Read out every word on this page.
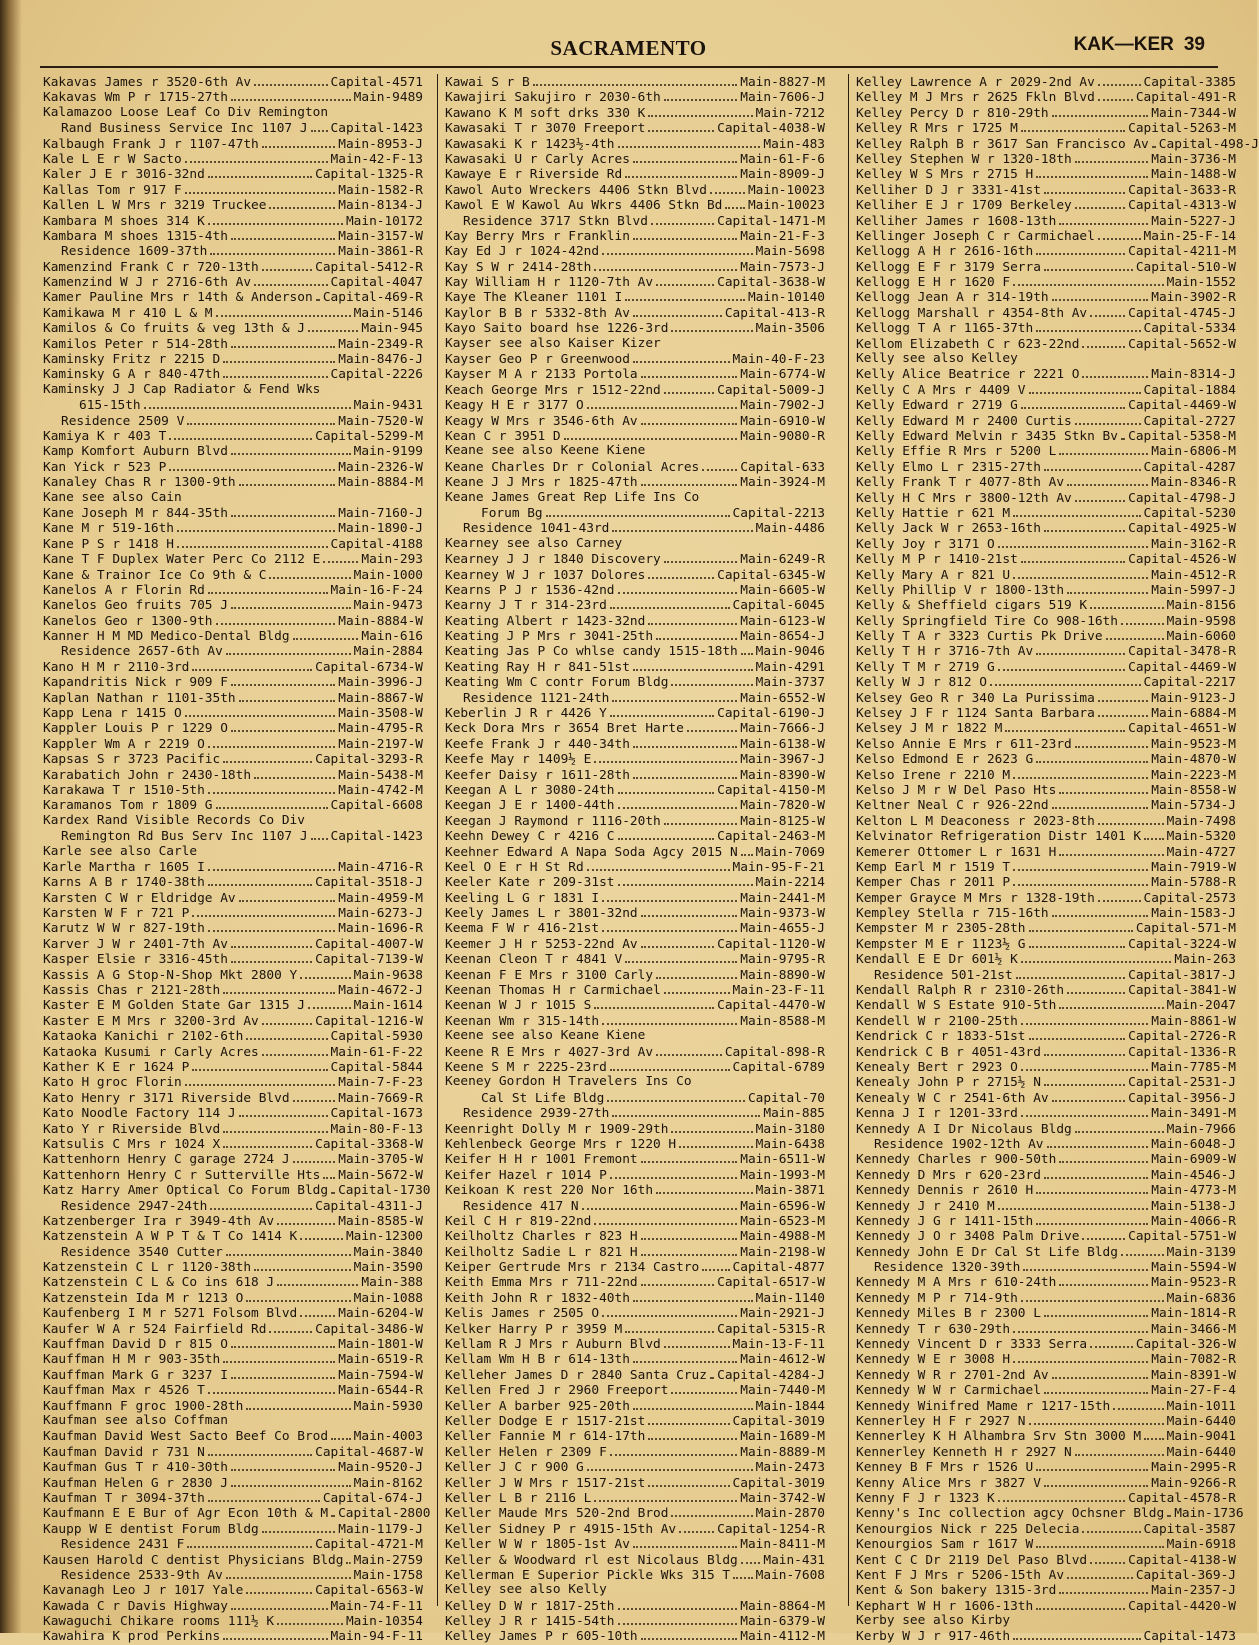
SACRAMENTO	KAK—KER 39
Kakavas James r 3520-6th Av	Capital-4571
Kakavas Wm P r 1715-27th	Main-9489
Kalamazoo Loose Leaf Co Div Remington
Rand Business Service Inc 1107 J Capital-1423
Kalbaugh Frank J r 1107-47th	Main-8953-J
Kale L E r W Sacto	Main-42-F-13
Kaler J E r 3016-32nd	Capital-1325-R
Kallas Tom r 917 F	Main-1582-R
Kallen L W Mrs r 3219 Truckee	Main-8134-J
Kambara M shoes 314 K	Main-10172
Kambara M shoes 1315-4th	Main-3157-W
Residence 1609-37th	Main-3861-R
Kamenzind Frank C r 720-13th	Capital-5412-R
Kamenzind W J r 2716-6th Av	Capital-4047
Kamer Pauline Mrs r 14th & Anderson Capital-469-R
Kamikawa M r 410 L & M	Main-5146
Kamilos & Co fruits & veg 13th & J	Main-945
Kamilos Peter r 514-28th	Main-2349-R
Kaminsky Fritz r 2215 D	Main-8476-J
Kaminsky G A r 840-47th	Capital-2226
Kaminsky J J Cap Radiator & Fend Wks
615-15th	Main-9431
Residence 2509 V	Main-7520-W
Kamiya K r 403 T	Capital-5299-M
Kamp Komfort Auburn Blvd	Main-9199
Kan Yick r 523 P	Main-2326-W
Kanaley Chas R r 1300-9th	Main-8884-M
Kane see also Cain
Kane Joseph M r 844-35th	Main-7160-J
Kane M r 519-16th	Main-1890-J
Kane P S r 1418 H	Capital-4188
Kane T F Duplex Water Perc Co 2112 E	Main-293
Kane & Trainor Ice Co 9th & C	Main-1000
Kanelos A r Florin Rd	Main-16-F-24
Kanelos Geo fruits 705 J	Main-9473
Kanelos Geo r 1300-9th	Main-8884-W
Kanner H M MD Medico-Dental Bldg	Main-616
Residence 2657-6th Av	Main-2884
Kano H M r 2110-3rd	Capital-6734-W
Kapandritis Nick r 909 F	Main-3996-J
Kaplan Nathan r 1101-35th	Main-8867-W
Kapp Lena r 1415 O	Main-3508-W
Kappler Louis P r 1229 O	Main-4795-R
Kappler Wm A r 2219 O	Main-2197-W
Kapsas S r 3723 Pacific	Capital-3293-R
Karabatich John r 2430-18th	Main-5438-M
Karakawa T r 1510-5th	Main-4742-M
Karamanos Tom r 1809 G	Capital-6608
Kardex Rand Visible Records Co Div
Remington Rd Bus Serv Inc 1107 J Capital-1423
Karle see also Carle
Karle Martha r 1605 I	Main-4716-R
Karns A B r 1740-38th	Capital-3518-J
Karsten C W r Eldridge Av	Main-4959-M
Karsten W F r 721 P	Main-6273-J
Karutz W W r 827-19th	Main-1696-R
Karver J W r 2401-7th Av	Capital-4007-W
Kasper Elsie r 3316-45th	Capital-7139-W
Kassis A G Stop-N-Shop Mkt 2800 Y	Main-9638
Kassis Chas r 2121-28th	Main-4672-J
Kaster E M Golden State Gar 1315 J	Main-1614
Kaster E M Mrs r 3200-3rd Av	Capital-1216-W
Kataoka Kanichi r 2102-6th	Capital-5930
Kataoka Kusumi r Carly Acres	Main-61-F-22
Kather K E r 1624 P	Capital-5844
Kato H groc Florin	Main-7-F-23
Kato Henry r 3171 Riverside Blvd	Main-7669-R
Kato Noodle Factory 114 J	Capital-1673
Kato Y r Riverside Blvd	Main-80-F-13
Katsulis C Mrs r 1024 X	Capital-3368-W
Kattenhorn Henry C garage 2724 J	Main-3705-W
Kattenhorn Henry C r Sutterville Hts Main-5672-W
Katz Harry Amer Optical Co Forum Bldg Capital-1730
Residence 2947-24th	Capital-4311-J
Katzenberger Ira r 3949-4th Av	Main-8585-W
Katzenstein A W P T & T Co 1414 K	Main-12300
Residence 3540 Cutter	Main-3840
Katzenstein C L r 1120-38th	Main-3590
Katzenstein C L & Co ins 618 J	Main-388
Katzenstein Ida M r 1213 O	Main-1088
Kaufenberg I M r 5271 Folsom Blvd	Main-6204-W
Kaufer W A r 524 Fairfield Rd	Capital-3486-W
Kauffman David D r 815 O	Main-1801-W
Kauffman H M r 903-35th	Main-6519-R
Kauffman Mark G r 3237 I	Main-7594-W
Kauffman Max r 4526 T	Main-6544-R
Kauffmann F groc 1900-28th	Main-5930
Kaufman see also Coffman
Kaufman David West Sacto Beef Co Brod Main-4003
Kaufman David r 731 N	Capital-4687-W
Kaufman Gus T r 410-30th	Main-9520-J
Kaufman Helen G r 2830 J	Main-8162
Kaufman T r 3094-37th	Capital-674-J
Kaufmann E E Bur of Agr Econ 10th & M Capital-2800
Kaupp W E dentist Forum Bldg	Main-1179-J
Residence 2431 F	Capital-4721-M
Kausen Harold C dentist Physicians Bldg Main-2759
Residence 2533-9th Av	Main-1758
Kavanagh Leo J r 1017 Yale	Capital-6563-W
Kawada C r Davis Highway	Main-74-F-11
Kawaguchi Chikare rooms 111½ K	Main-10354
Kawahira K prod Perkins	Main-94-F-11
Kawai S r B	Main-8827-M
Kawajiri Sakujiro r 2030-6th	Main-7606-J
Kawano K M soft drks 330 K	Main-7212
Kawasaki T r 3070 Freeport	Capital-4038-W
Kawasaki K r 1423½-4th	Main-483
Kawasaki U r Carly Acres	Main-61-F-6
Kawaye E r Riverside Rd	Main-8909-J
Kawol Auto Wreckers 4406 Stkn Blvd	Main-10023
Kawol E W Kawol Au Wkrs 4406 Stkn Bd Main-10023
Residence 3717 Stkn Blvd	Capital-1471-M
Kay Berry Mrs r Franklin	Main-21-F-3
Kay Ed J r 1024-42nd	Main-5698
Kay S W r 2414-28th	Main-7573-J
Kay William H r 1120-7th Av	Capital-3638-W
Kaye The Kleaner 1101 I	Main-10140
Kaylor B B r 5332-8th Av	Capital-413-R
Kayo Saito board hse 1226-3rd	Main-3506
Kayser see also Kaiser Kizer
Kayser Geo P r Greenwood	Main-40-F-23
Kayser M A r 2133 Portola	Main-6774-W
Keach George Mrs r 1512-22nd	Capital-5009-J
Keagy H E r 3177 O	Main-7902-J
Keagy W Mrs r 3546-6th Av	Main-6910-W
Kean C r 3951 D	Main-9080-R
Keane see also Keene Kiene
Keane Charles Dr r Colonial Acres	Capital-633
Keane J J Mrs r 1825-47th	Main-3924-M
Keane James Great Rep Life Ins Co
Forum Bg	Capital-2213
Residence 1041-43rd	Main-4486
Kearney see also Carney
Kearney J J r 1840 Discovery	Main-6249-R
Kearney W J r 1037 Dolores	Capital-6345-W
Kearns P J r 1536-42nd	Main-6605-W
Kearny J T r 314-23rd	Capital-6045
Keating Albert r 1423-32nd	Main-6123-W
Keating J P Mrs r 3041-25th	Main-8654-J
Keating Jas P Co whlse candy 1515-18th Main-9046
Keating Ray H r 841-51st	Main-4291
Keating Wm C contr Forum Bldg	Main-3737
Residence 1121-24th	Main-6552-W
Keberlin J R r 4426 Y	Capital-6190-J
Keck Dora Mrs r 3654 Bret Harte	Main-7666-J
Keefe Frank J r 440-34th	Main-6138-W
Keefe May r 1409½ E	Main-3967-J
Keefer Daisy r 1611-28th	Main-8390-W
Keegan A L r 3080-24th	Capital-4150-M
Keegan J E r 1400-44th	Main-7820-W
Keegan J Raymond r 1116-20th	Main-8125-W
Keehn Dewey C r 4216 C	Capital-2463-M
Keehner Edward A Napa Soda Agcy 2015 N Main-7069
Keel O E r H St Rd	Main-95-F-21
Keeler Kate r 209-31st	Main-2214
Keeling L G r 1831 I	Main-2441-M
Keely James L r 3801-32nd	Main-9373-W
Keema F W r 416-21st	Main-4655-J
Keemer J H r 5253-22nd Av	Capital-1120-W
Keenan Cleon T r 4841 V	Main-9795-R
Keenan F E Mrs r 3100 Carly	Main-8890-W
Keenan Thomas H r Carmichael	Main-23-F-11
Keenan W J r 1015 S	Capital-4470-W
Keenan Wm r 315-14th	Main-8588-M
Keene see also Keane Kiene
Keene R E Mrs r 4027-3rd Av	Capital-898-R
Keene S M r 2225-23rd	Capital-6789
Keeney Gordon H Travelers Ins Co
Cal St Life Bldg	Capital-70
Residence 2939-27th	Main-885
Keenright Dolly M r 1909-29th	Main-3180
Kehlenbeck George Mrs r 1220 H	Main-6438
Keifer H H r 1001 Fremont	Main-6511-W
Keifer Hazel r 1014 P	Main-1993-M
Keikoan K rest 220 Nor 16th	Main-3871
Residence 417 N	Main-6596-W
Keil C H r 819-22nd	Main-6523-M
Keilholtz Charles r 823 H	Main-4988-M
Keilholtz Sadie L r 821 H	Main-2198-W
Keiper Gertrude Mrs r 2134 Castro	Capital-4877
Keith Emma Mrs r 711-22nd	Capital-6517-W
Keith John R r 1832-40th	Main-1140
Kelis James r 2505 O	Main-2921-J
Kelker Harry P r 3959 M	Capital-5315-R
Kellam R J Mrs r Auburn Blvd	Main-13-F-11
Kellam Wm H B r 614-13th	Main-4612-W
Kelleher James D r 2840 Santa Cruz Capital-4284-J
Kellen Fred J r 2960 Freeport	Main-7440-M
Keller A barber 925-20th	Main-1844
Keller Dodge E r 1517-21st	Capital-3019
Keller Fannie M r 614-17th	Main-1689-M
Keller Helen r 2309 F	Main-8889-M
Keller J C r 900 G	Main-2473
Keller J W Mrs r 1517-21st	Capital-3019
Keller L B r 2116 L	Main-3742-W
Keller Maude Mrs 520-2nd Brod	Main-2870
Keller Sidney P r 4915-15th Av	Capital-1254-R
Keller W W r 1805-1st Av	Main-8411-M
Keller & Woodward rl est Nicolaus Bldg Main-431
Kellerman E Superior Pickle Wks 315 T Main-7608
Kelley see also Kelly
Kelley D W r 1817-25th	Main-8864-M
Kelley J R r 1415-54th	Main-6379-W
Kelley James P r 605-10th	Main-4112-M
Kelley Lawrence A r 2029-2nd Av	Capital-3385
Kelley M J Mrs r 2625 Fkln Blvd	Capital-491-R
Kelley Percy D r 810-29th	Main-7344-W
Kelley R Mrs r 1725 M	Capital-5263-M
Kelley Ralph B r 3617 San Francisco Av Capital-498-J
Kelley Stephen W r 1320-18th	Main-3736-M
Kelley W S Mrs r 2715 H	Main-1488-W
Kelliher D J r 3331-41st	Capital-3633-R
Kelliher E J r 1709 Berkeley	Capital-4313-W
Kelliher James r 1608-13th	Main-5227-J
Kellinger Joseph C r Carmichael	Main-25-F-14
Kellogg A H r 2616-16th	Capital-4211-M
Kellogg E F r 3179 Serra	Capital-510-W
Kellogg E H r 1620 F	Main-1552
Kellogg Jean A r 314-19th	Main-3902-R
Kellogg Marshall r 4354-8th Av	Capital-4745-J
Kellogg T A r 1165-37th	Capital-5334
Kellom Elizabeth C r 623-22nd	Capital-5652-W
Kelly see also Kelley
Kelly Alice Beatrice r 2221 O	Main-8314-J
Kelly C A Mrs r 4409 V	Capital-1884
Kelly Edward r 2719 G	Capital-4469-W
Kelly Edward M r 2400 Curtis	Capital-2727
Kelly Edward Melvin r 3435 Stkn Bv Capital-5358-M
Kelly Effie R Mrs r 5200 L	Main-6806-M
Kelly Elmo L r 2315-27th	Capital-4287
Kelly Frank T r 4077-8th Av	Main-8346-R
Kelly H C Mrs r 3800-12th Av	Capital-4798-J
Kelly Hattie r 621 M	Capital-5230
Kelly Jack W r 2653-16th	Capital-4925-W
Kelly Joy r 3171 O	Main-3162-R
Kelly M P r 1410-21st	Capital-4526-W
Kelly Mary A r 821 U	Main-4512-R
Kelly Phillip V r 1800-13th	Main-5997-J
Kelly & Sheffield cigars 519 K	Main-8156
Kelly Springfield Tire Co 908-16th	Main-9598
Kelly T A r 3323 Curtis Pk Drive	Main-6060
Kelly T H r 3716-7th Av	Capital-3478-R
Kelly T M r 2719 G	Capital-4469-W
Kelly W J r 812 O	Capital-2217
Kelsey Geo R r 340 La Purissima	Main-9123-J
Kelsey J F r 1124 Santa Barbara	Main-6884-M
Kelsey J M r 1822 M	Capital-4651-W
Kelso Annie E Mrs r 611-23rd	Main-9523-M
Kelso Edmond E r 2623 G	Main-4870-W
Kelso Irene r 2210 M	Main-2223-M
Kelso J M r W Del Paso Hts	Main-8558-W
Keltner Neal C r 926-22nd	Main-5734-J
Kelton L M Deaconess r 2023-8th	Main-7498
Kelvinator Refrigeration Distr 1401 K Main-5320
Kemerer Ottomer L r 1631 H	Main-4727
Kemp Earl M r 1519 T	Main-7919-W
Kemper Chas r 2011 P	Main-5788-R
Kemper Grayce M Mrs r 1328-19th	Capital-2573
Kempley Stella r 715-16th	Main-1583-J
Kempster M r 2305-28th	Capital-571-M
Kempster M E r 1123½ G	Capital-3224-W
Kendall E E Dr 601½ K	Main-263
Residence 501-21st	Capital-3817-J
Kendall Ralph R r 2310-26th	Capital-3841-W
Kendall W S Estate 910-5th	Main-2047
Kendell W r 2100-25th	Main-8861-W
Kendrick C r 1833-51st	Capital-2726-R
Kendrick C B r 4051-43rd	Capital-1336-R
Kenealy Bert r 2923 O	Main-7785-M
Kenealy John P r 2715½ N	Capital-2531-J
Kenealy W C r 2541-6th Av	Capital-3956-J
Kenna J I r 1201-33rd	Main-3491-M
Kennedy A I Dr Nicolaus Bldg	Main-7966
Residence 1902-12th Av	Main-6048-J
Kennedy Charles r 900-50th	Main-6909-W
Kennedy D Mrs r 620-23rd	Main-4546-J
Kennedy Dennis r 2610 H	Main-4773-M
Kennedy J r 2410 M	Main-5138-J
Kennedy J G r 1411-15th	Main-4066-R
Kennedy J O r 3408 Palm Drive	Capital-5751-W
Kennedy John E Dr Cal St Life Bldg	Main-3139
Residence 1320-39th	Main-5594-W
Kennedy M A Mrs r 610-24th	Main-9523-R
Kennedy M P r 714-9th	Main-6836
Kennedy Miles B r 2300 L	Main-1814-R
Kennedy T r 630-29th	Main-3466-M
Kennedy Vincent D r 3333 Serra	Capital-326-W
Kennedy W E r 3008 H	Main-7082-R
Kennedy W R r 2701-2nd Av	Main-8391-W
Kennedy W W r Carmichael	Main-27-F-4
Kennedy Winifred Mame r 1217-15th	Main-1011
Kennerley H F r 2927 N	Main-6440
Kennerley K H Alhambra Srv Stn 3000 M Main-9041
Kennerley Kenneth H r 2927 N	Main-6440
Kenney B F Mrs r 1526 U	Main-2995-R
Kenny Alice Mrs r 3827 V	Main-9266-R
Kenny F J r 1323 K	Capital-4578-R
Kenny's Inc collection agcy Ochsner Bldg Main-1736
Kenourgios Nick r 225 Delecia	Capital-3587
Kenourgios Sam r 1617 W	Main-6918
Kent C C Dr 2119 Del Paso Blvd	Capital-4138-W
Kent F J Mrs r 5206-15th Av	Capital-369-J
Kent & Son bakery 1315-3rd	Main-2357-J
Kephart W H r 1606-13th	Capital-4420-W
Kerby see also Kirby
Kerby W J r 917-46th	Capital-1473
